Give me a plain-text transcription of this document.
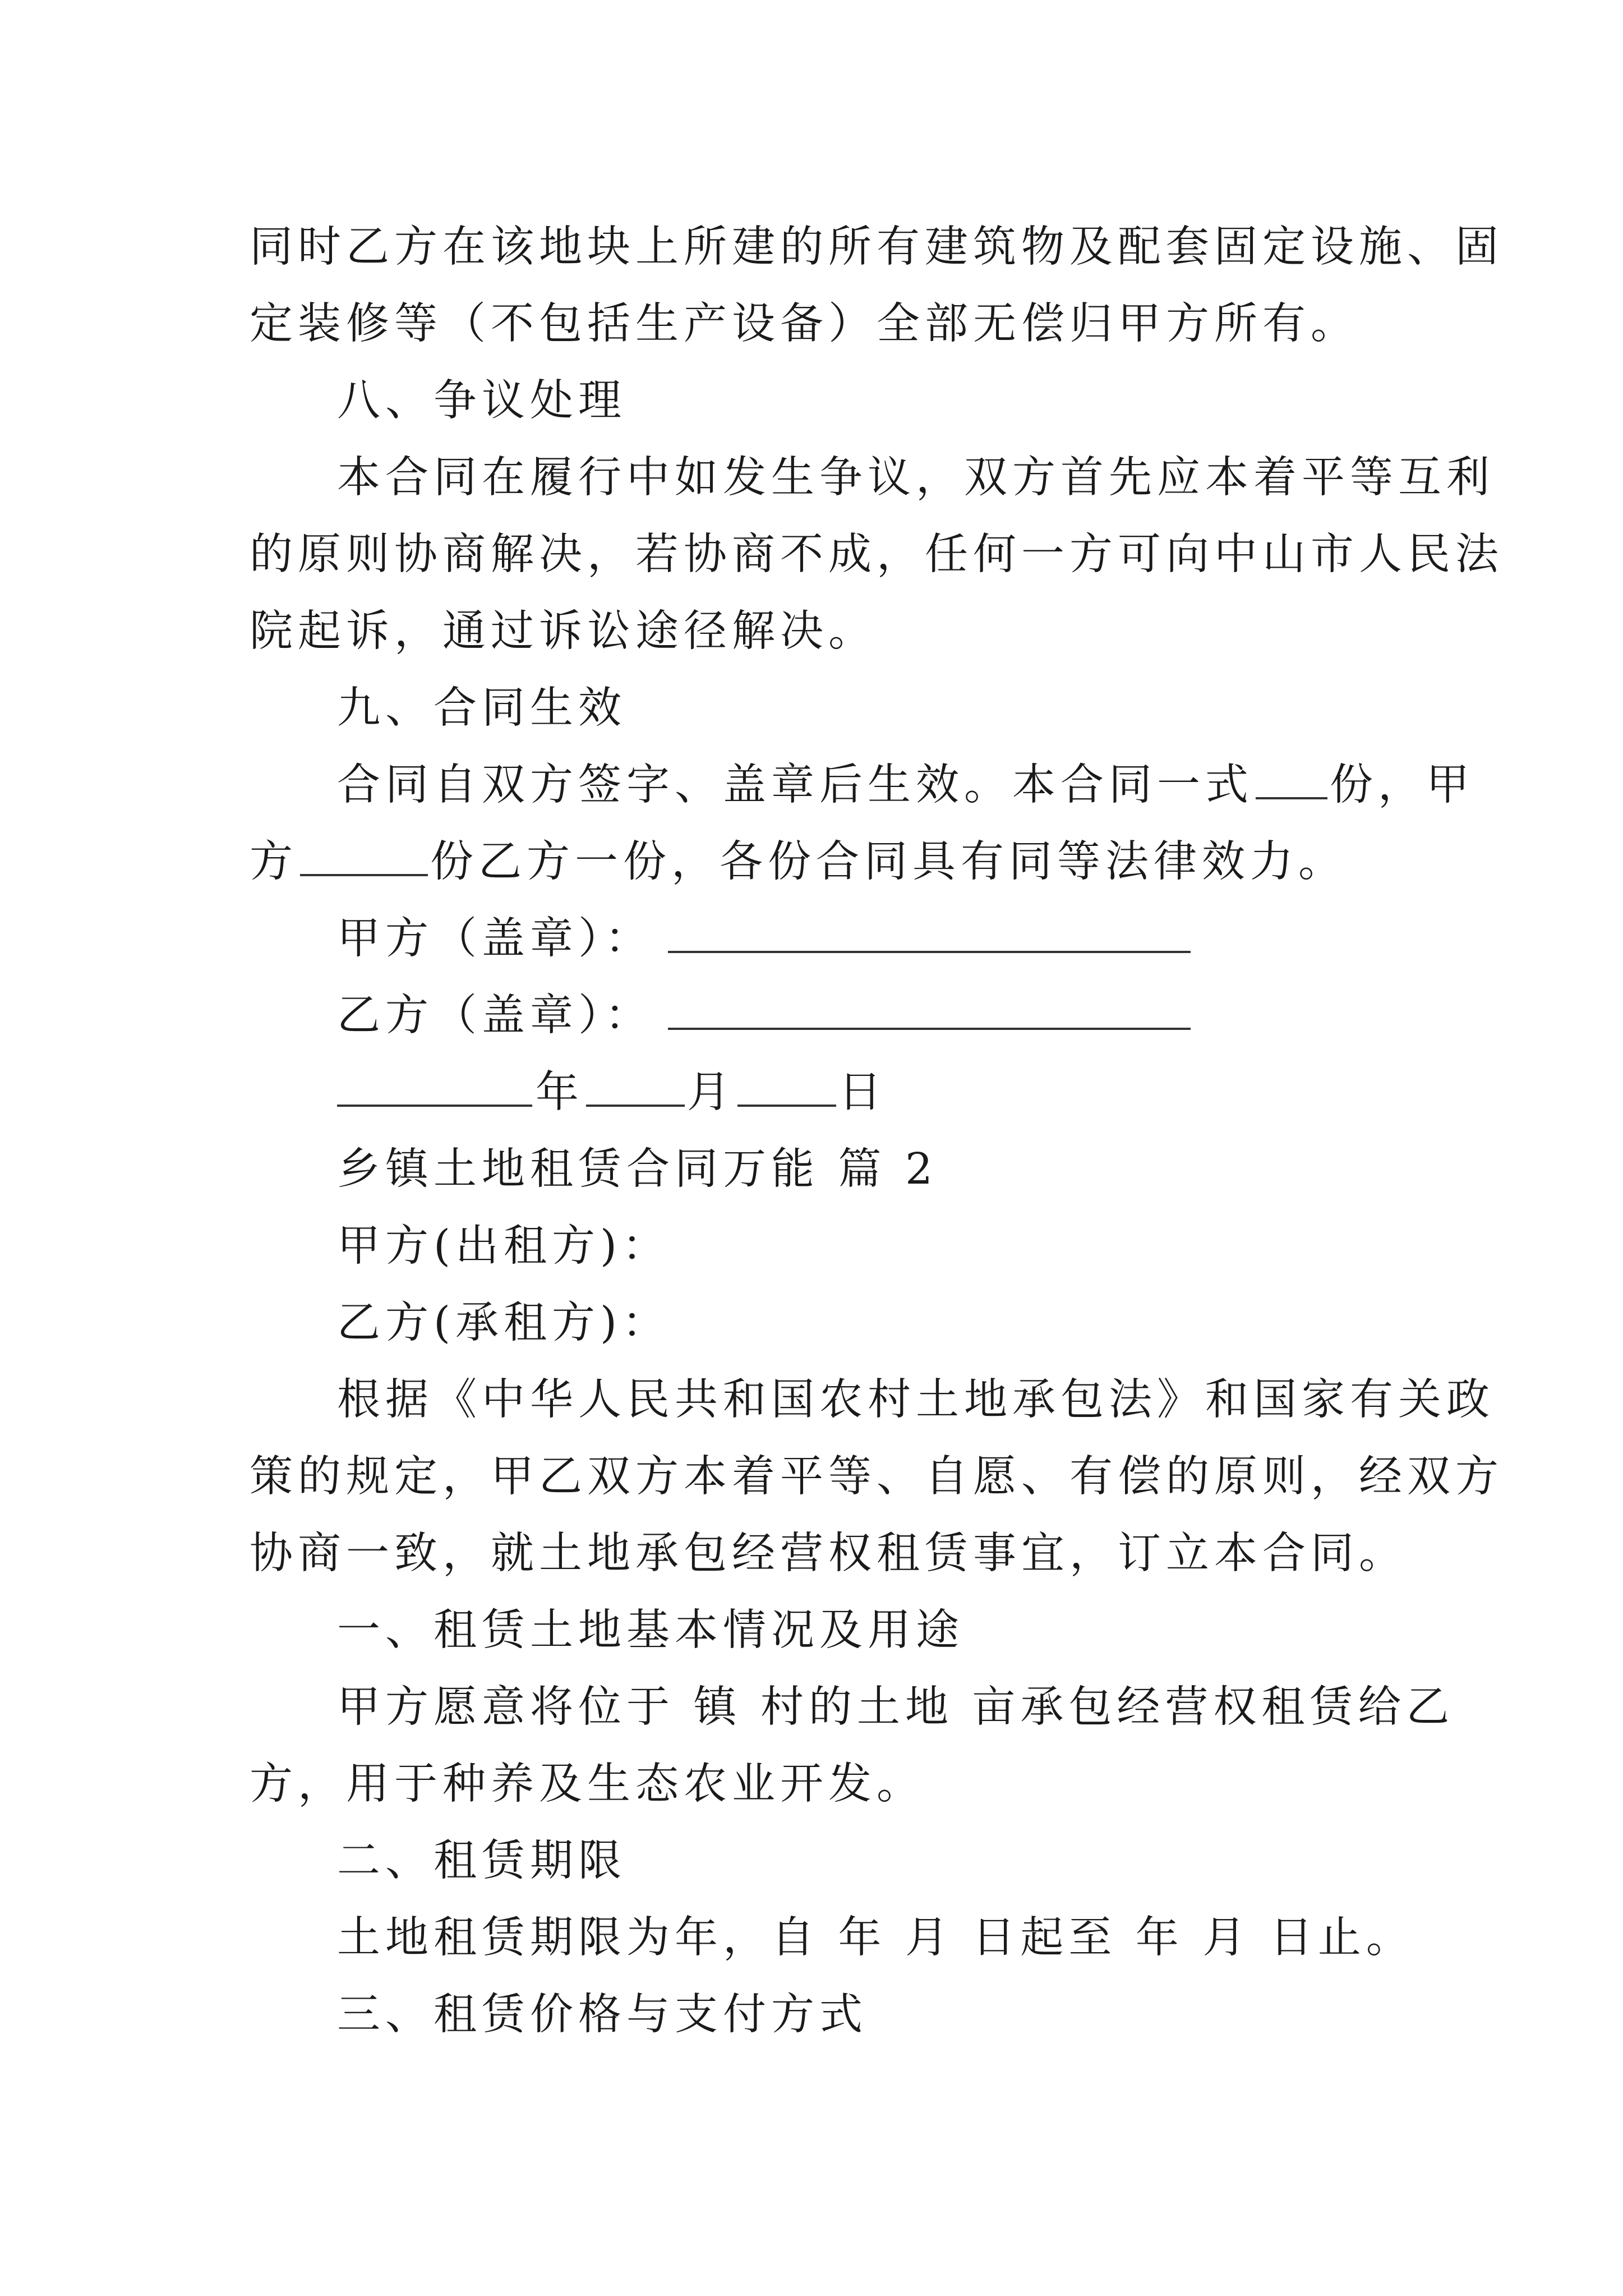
同时乙方在该地块上所建的所有建筑物及配套固定设施、固
定装修等（不包括生产设备）全部无偿归甲方所有。
八、争议处理
本合同在履行中如发生争议，双方首先应本着平等互利
的原则协商解决，若协商不成，任何一方可向中山市人民法
院起诉，通过诉讼途径解决。
九、合同生效
合同自双方签字、盖章后生效。本合同一式 份，甲
方	份乙方一份，各份合同具有同等法律效力。
甲方（盖章）：
乙方（盖章）：
年 月 日
乡镇土地租赁合同万能 篇 2
甲方(出租方)：
乙方(承租方)：
根据《中华人民共和国农村土地承包法》和国家有关政
策的规定，甲乙双方本着平等、自愿、有偿的原则，经双方
协商一致，就土地承包经营权租赁事宜，订立本合同。
一、租赁土地基本情况及用途
甲方愿意将位于 镇 村的土地 亩承包经营权租赁给乙
方，用于种养及生态农业开发。
二、租赁期限
土地租赁期限为年，自 年 月 日起至 年 月 日止。
三、租赁价格与支付方式
